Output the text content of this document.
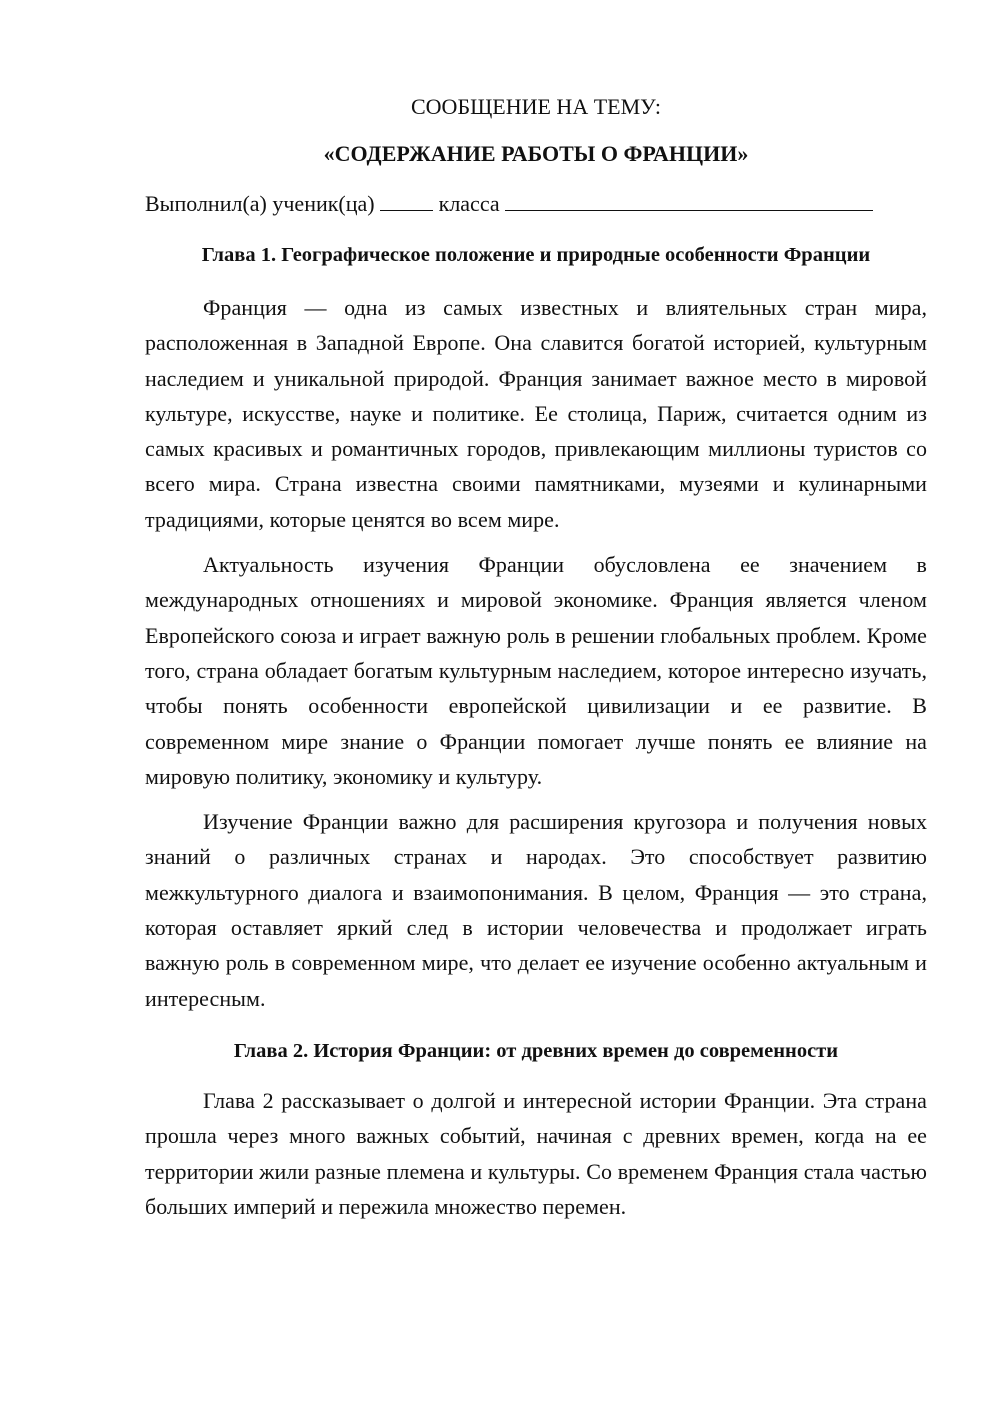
СООБЩЕНИЕ НА ТЕМУ:

«СОДЕРЖАНИЕ РАБОТЫ О ФРАНЦИИ»

Выполнил(а) ученик(ца)	класса
Глава 1. Географическое положение и природные особенности Франции

Франция — одна из самых известных и влиятельных стран мира, расположенная в Западной Европе. Она славится богатой историей, культурным наследием и уникальной природой. Франция занимает важное место в мировой культуре, искусстве, науке и политике. Ее столица, Париж, считается одним из самых красивых и романтичных городов, привлекающим миллионы туристов со всего мира. Страна известна своими памятниками, музеями и кулинарными традициями, которые ценятся во всем мире.

Актуальность изучения Франции обусловлена ее значением в международных отношениях и мировой экономике. Франция является членом Европейского союза и играет важную роль в решении глобальных проблем. Кроме того, страна обладает богатым культурным наследием, которое интересно изучать, чтобы понять особенности европейской цивилизации и ее развитие. В современном мире знание о Франции помогает лучше понять ее влияние на мировую политику, экономику и культуру.

Изучение Франции важно для расширения кругозора и получения новых знаний о различных странах и народах. Это способствует развитию межкультурного диалога и взаимопонимания. В целом, Франция — это страна, которая оставляет яркий след в истории человечества и продолжает играть важную роль в современном мире, что делает ее изучение особенно актуальным и интересным.

Глава 2. История Франции: от древних времен до современности

Глава 2 рассказывает о долгой и интересной истории Франции. Эта страна прошла через много важных событий, начиная с древних времен, когда на ее территории жили разные племена и культуры. Со временем Франция стала частью больших империй и пережила множество перемен.
